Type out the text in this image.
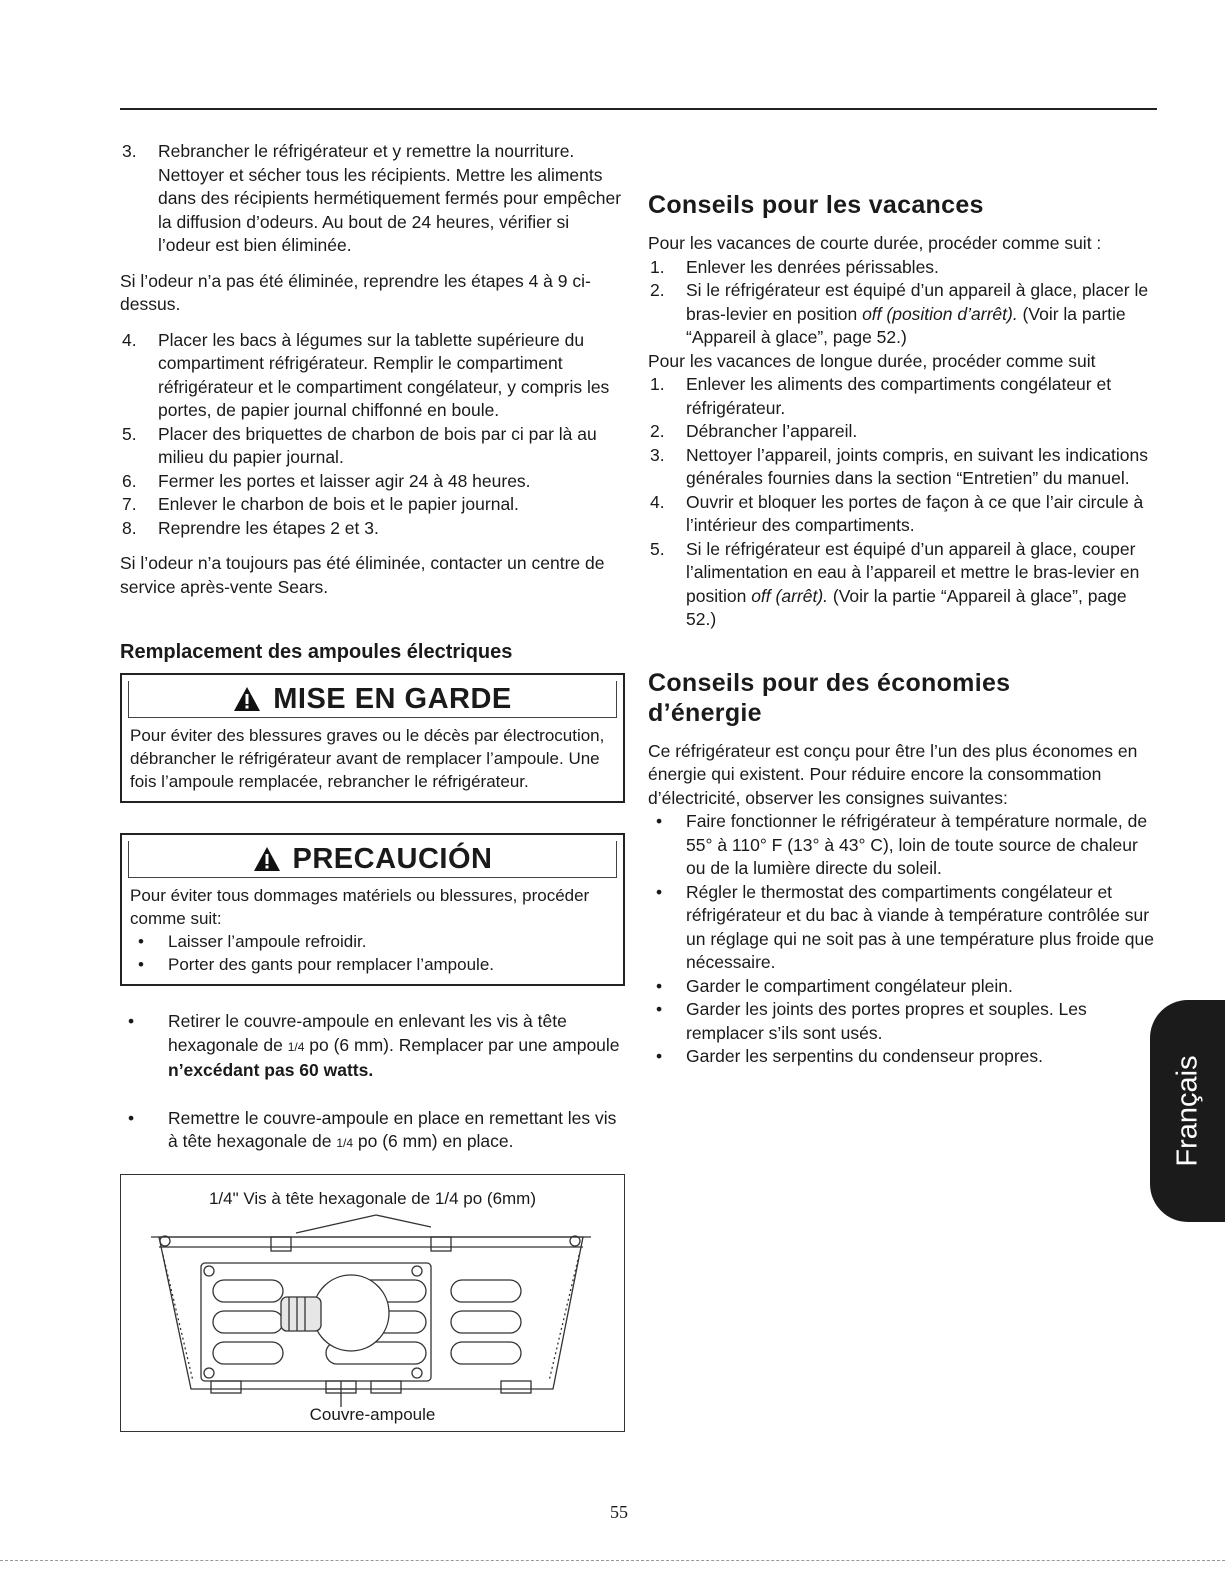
3. Rebrancher le réfrigérateur et y remettre la nourriture. Nettoyer et sécher tous les récipients. Mettre les aliments dans des récipients hermétiquement fermés pour empêcher la diffusion d’odeurs. Au bout de 24 heures, vérifier si l’odeur est bien éliminée.

Si l’odeur n’a pas été éliminée, reprendre les étapes 4 à 9 ci-dessus.

4. Placer les bacs à légumes sur la tablette supérieure du compartiment réfrigérateur. Remplir le compartiment réfrigérateur et le compartiment congélateur, y compris les portes, de papier journal chiffonné en boule.
5. Placer des briquettes de charbon de bois par ci par là au milieu du papier journal.
6. Fermer les portes et laisser agir 24 à 48 heures.
7. Enlever le charbon de bois et le papier journal.
8. Reprendre les étapes 2 et 3.

Si l’odeur n’a toujours pas été éliminée, contacter un centre de service après-vente Sears.

Remplacement des ampoules électriques
MISE EN GARDE

Pour éviter des blessures graves ou le décès par électrocution, débrancher le réfrigérateur avant de remplacer l’ampoule. Une fois l’ampoule remplacée, rebrancher le réfrigérateur.

PRECAUCIÓN

Pour éviter tous dommages matériels ou blessures, procéder comme suit:

• Laisser l’ampoule refroidir.
• Porter des gants pour remplacer l’ampoule.
• Retirer le couvre-ampoule en enlevant les vis à tête hexagonale de 1/4 po (6 mm). Remplacer par une ampoule n’excédant pas 60 watts.
• Remettre le couvre-ampoule en place en remettant les vis à tête hexagonale de 1/4 po (6 mm) en place.
1/4" Vis à tête hexagonale de 1/4 po (6mm)
Couvre-ampoule
Conseils pour les vacances

Pour les vacances de courte durée, procéder comme suit :

1. Enlever les denrées périssables.
2. Si le réfrigérateur est équipé d’un appareil à glace, placer le bras-levier en position off (position d’arrêt). (Voir la partie “Appareil à glace”, page 52.)

Pour les vacances de longue durée, procéder comme suit

1. Enlever les aliments des compartiments congélateur et réfrigérateur.
2. Débrancher l’appareil.
3. Nettoyer l’appareil, joints compris, en suivant les indications générales fournies dans la section “Entretien” du manuel.
4. Ouvrir et bloquer les portes de façon à ce que l’air circule à l’intérieur des compartiments.
5. Si le réfrigérateur est équipé d’un appareil à glace, couper l’alimentation en eau à l’appareil et mettre le bras-levier en position off (arrêt). (Voir la partie “Appareil à glace”, page 52.)
Conseils pour des économies
d’énergie

Ce réfrigérateur est conçu pour être l’un des plus économes en énergie qui existent. Pour réduire encore la consommation d’électricité, observer les consignes suivantes:

• Faire fonctionner le réfrigérateur à température normale, de 55° à 110° F (13° à 43° C), loin de toute source de chaleur ou de la lumière directe du soleil.
• Régler le thermostat des compartiments congélateur et réfrigérateur et du bac à viande à température contrôlée sur un réglage qui ne soit pas à une température plus froide que nécessaire.
• Garder le compartiment congélateur plein.
• Garder les joints des portes propres et souples. Les remplacer s’ils sont usés.
• Garder les serpentins du condenseur propres.	Français
55
